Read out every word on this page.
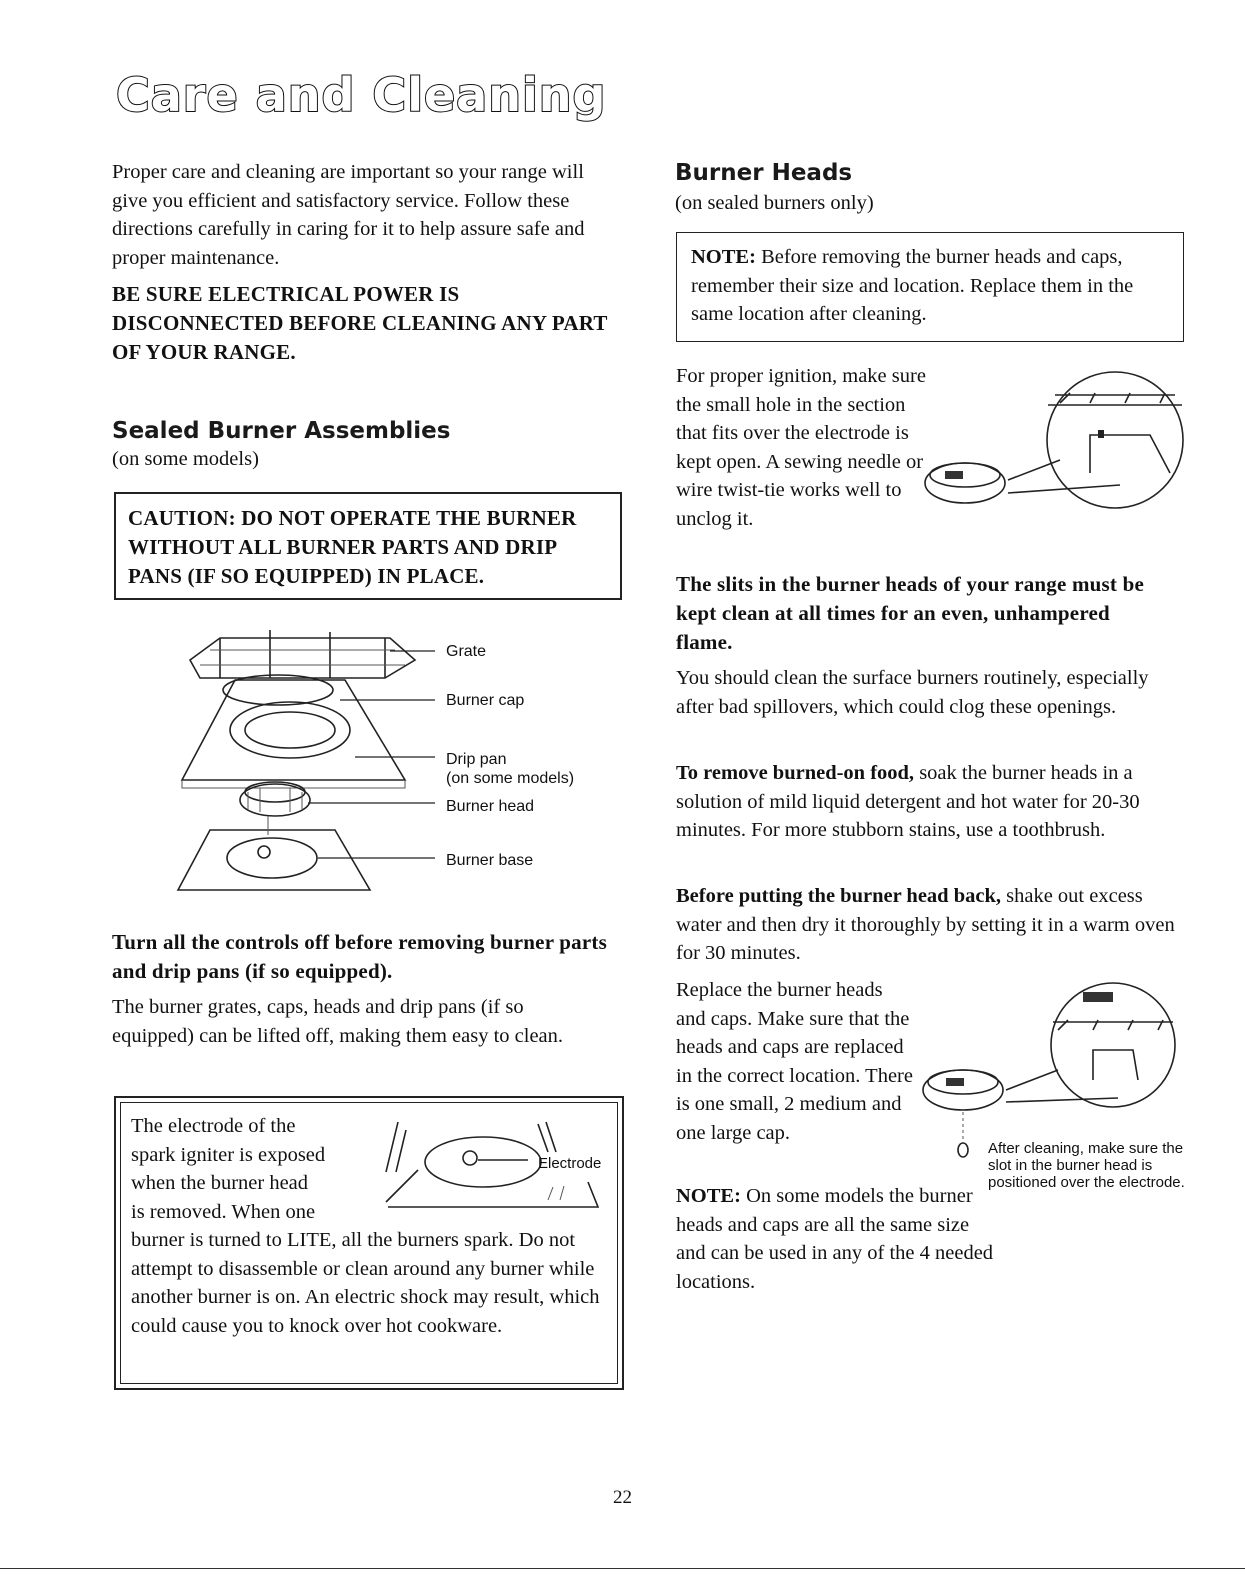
Care and Cleaning
Proper care and cleaning are important so your range will give you efficient and satisfactory service. Follow these directions carefully in caring for it to help assure safe and proper maintenance.
BE SURE ELECTRICAL POWER IS DISCONNECTED BEFORE CLEANING ANY PART OF YOUR RANGE.
Sealed Burner Assemblies
(on some models)
CAUTION: DO NOT OPERATE THE BURNER WITHOUT ALL BURNER PARTS AND DRIP PANS (IF SO EQUIPPED) IN PLACE.
Grate
Burner cap
Drip pan
(on some models)
Burner head
Burner base
Turn all the controls off before removing burner parts and drip pans (if so equipped).
The burner grates, caps, heads and drip pans (if so equipped) can be lifted off, making them easy to clean.
The electrode of the
spark igniter is exposed
when the burner head
is removed. When one
burner is turned to LITE, all the burners spark. Do not attempt to disassemble or clean around any burner while another burner is on. An electric shock may result, which could cause you to knock over hot cookware.
Electrode
Burner Heads
(on sealed burners only)
NOTE: Before removing the burner heads and caps, remember their size and location. Replace them in the same location after cleaning.
For proper ignition, make sure the small hole in the section that fits over the electrode is kept open. A sewing needle or wire twist-tie works well to unclog it.
The slits in the burner heads of your range must be kept clean at all times for an even, unhampered flame.
You should clean the surface burners routinely, especially after bad spillovers, which could clog these openings.
To remove burned-on food, soak the burner heads in a solution of mild liquid detergent and hot water for 20-30 minutes. For more stubborn stains, use a toothbrush.
Before putting the burner head back, shake out excess water and then dry it thoroughly by setting it in a warm oven for 30 minutes.
Replace the burner heads and caps. Make sure that the heads and caps are replaced in the correct location. There is one small, 2 medium and one large cap.
NOTE: On some models the burner heads and caps are all the same size and can be used in any of the 4 needed locations.
After cleaning, make sure the slot in the burner head is positioned over the electrode.
22
